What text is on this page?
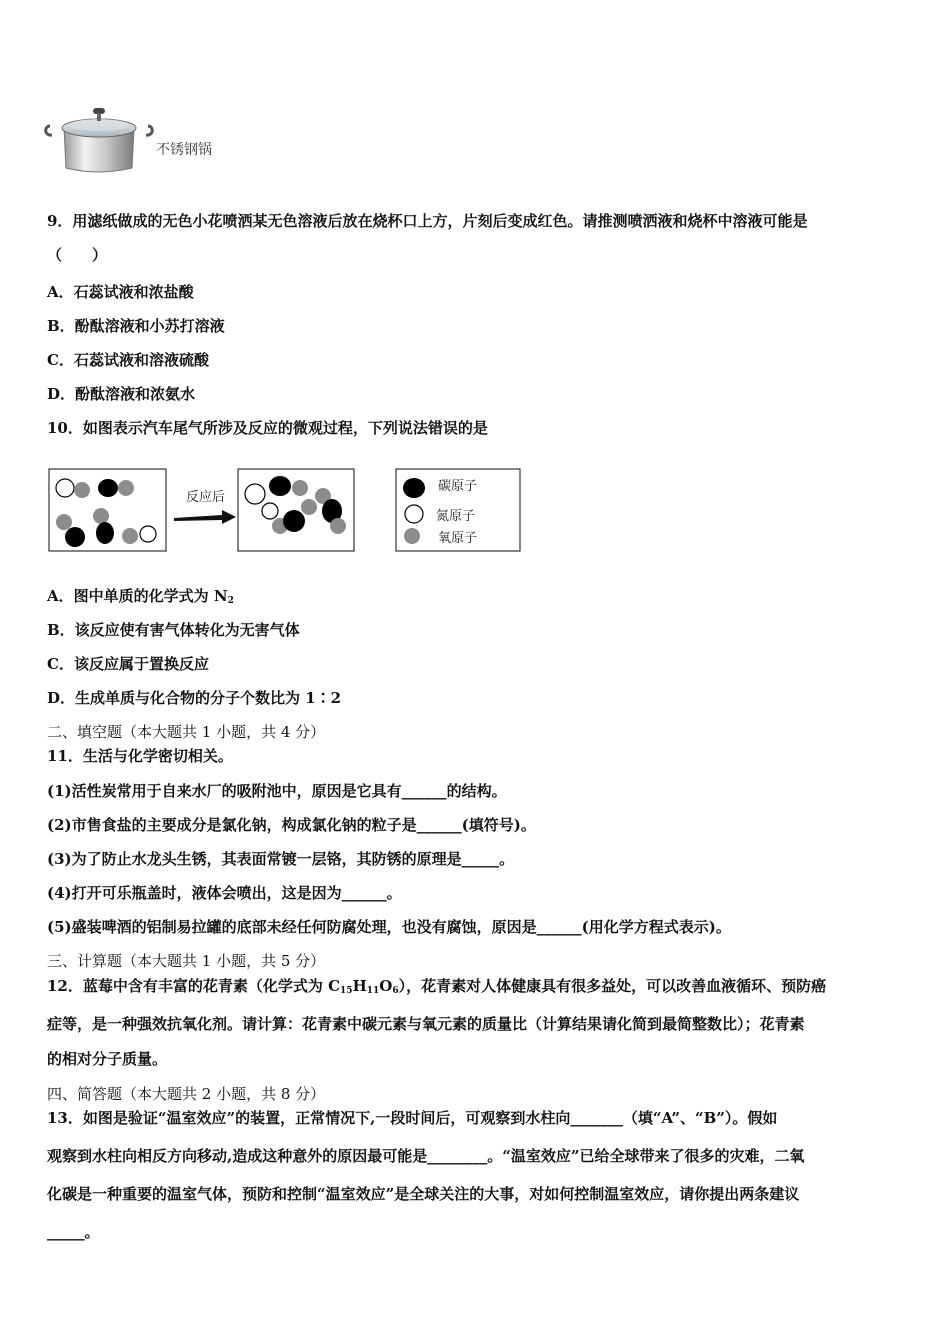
不锈钢锅
9．用滤纸做成的无色小花喷洒某无色溶液后放在烧杯口上方，片刻后变成红色。请推测喷洒液和烧杯中溶液可能是
（　　）
A．石蕊试液和浓盐酸
B．酚酞溶液和小苏打溶液
C．石蕊试液和溶液硫酸
D．酚酞溶液和浓氨水
10．如图表示汽车尾气所涉及反应的微观过程，下列说法错误的是
反应后
碳原子
氮原子
氧原子
A．图中单质的化学式为 $N_2$
B．该反应使有害气体转化为无害气体
C．该反应属于置换反应
D．生成单质与化合物的分子个数比为 1∶2
二、填空题（本大题共 1 小题，共 4 分）
11．生活与化学密切相关。
(1)活性炭常用于自来水厂的吸附池中，原因是它具有______的结构。
(2)市售食盐的主要成分是氯化钠，构成氯化钠的粒子是______(填符号)。
(3)为了防止水龙头生锈，其表面常镀一层铬，其防锈的原理是_____。
(4)打开可乐瓶盖时，液体会喷出，这是因为______。
(5)盛装啤酒的铝制易拉罐的底部未经任何防腐处理，也没有腐蚀，原因是______(用化学方程式表示)。
三、计算题（本大题共 1 小题，共 5 分）
12．蓝莓中含有丰富的花青素（化学式为 $C_{15}H_{11}O_6$），花青素对人体健康具有很多益处，可以改善血液循环、预防癌
症等，是一种强效抗氧化剂。请计算：花青素中碳元素与氧元素的质量比（计算结果请化简到最简整数比）；花青素
的相对分子质量。
四、简答题（本大题共 2 小题，共 8 分）
13．如图是验证“温室效应”的装置，正常情况下,一段时间后，可观察到水柱向_______（填“A”、“B”）。假如
观察到水柱向相反方向移动,造成这种意外的原因最可能是________。“温室效应”已给全球带来了很多的灾难，二氧
化碳是一种重要的温室气体，预防和控制“温室效应”是全球关注的大事，对如何控制温室效应，请你提出两条建议
_____。
